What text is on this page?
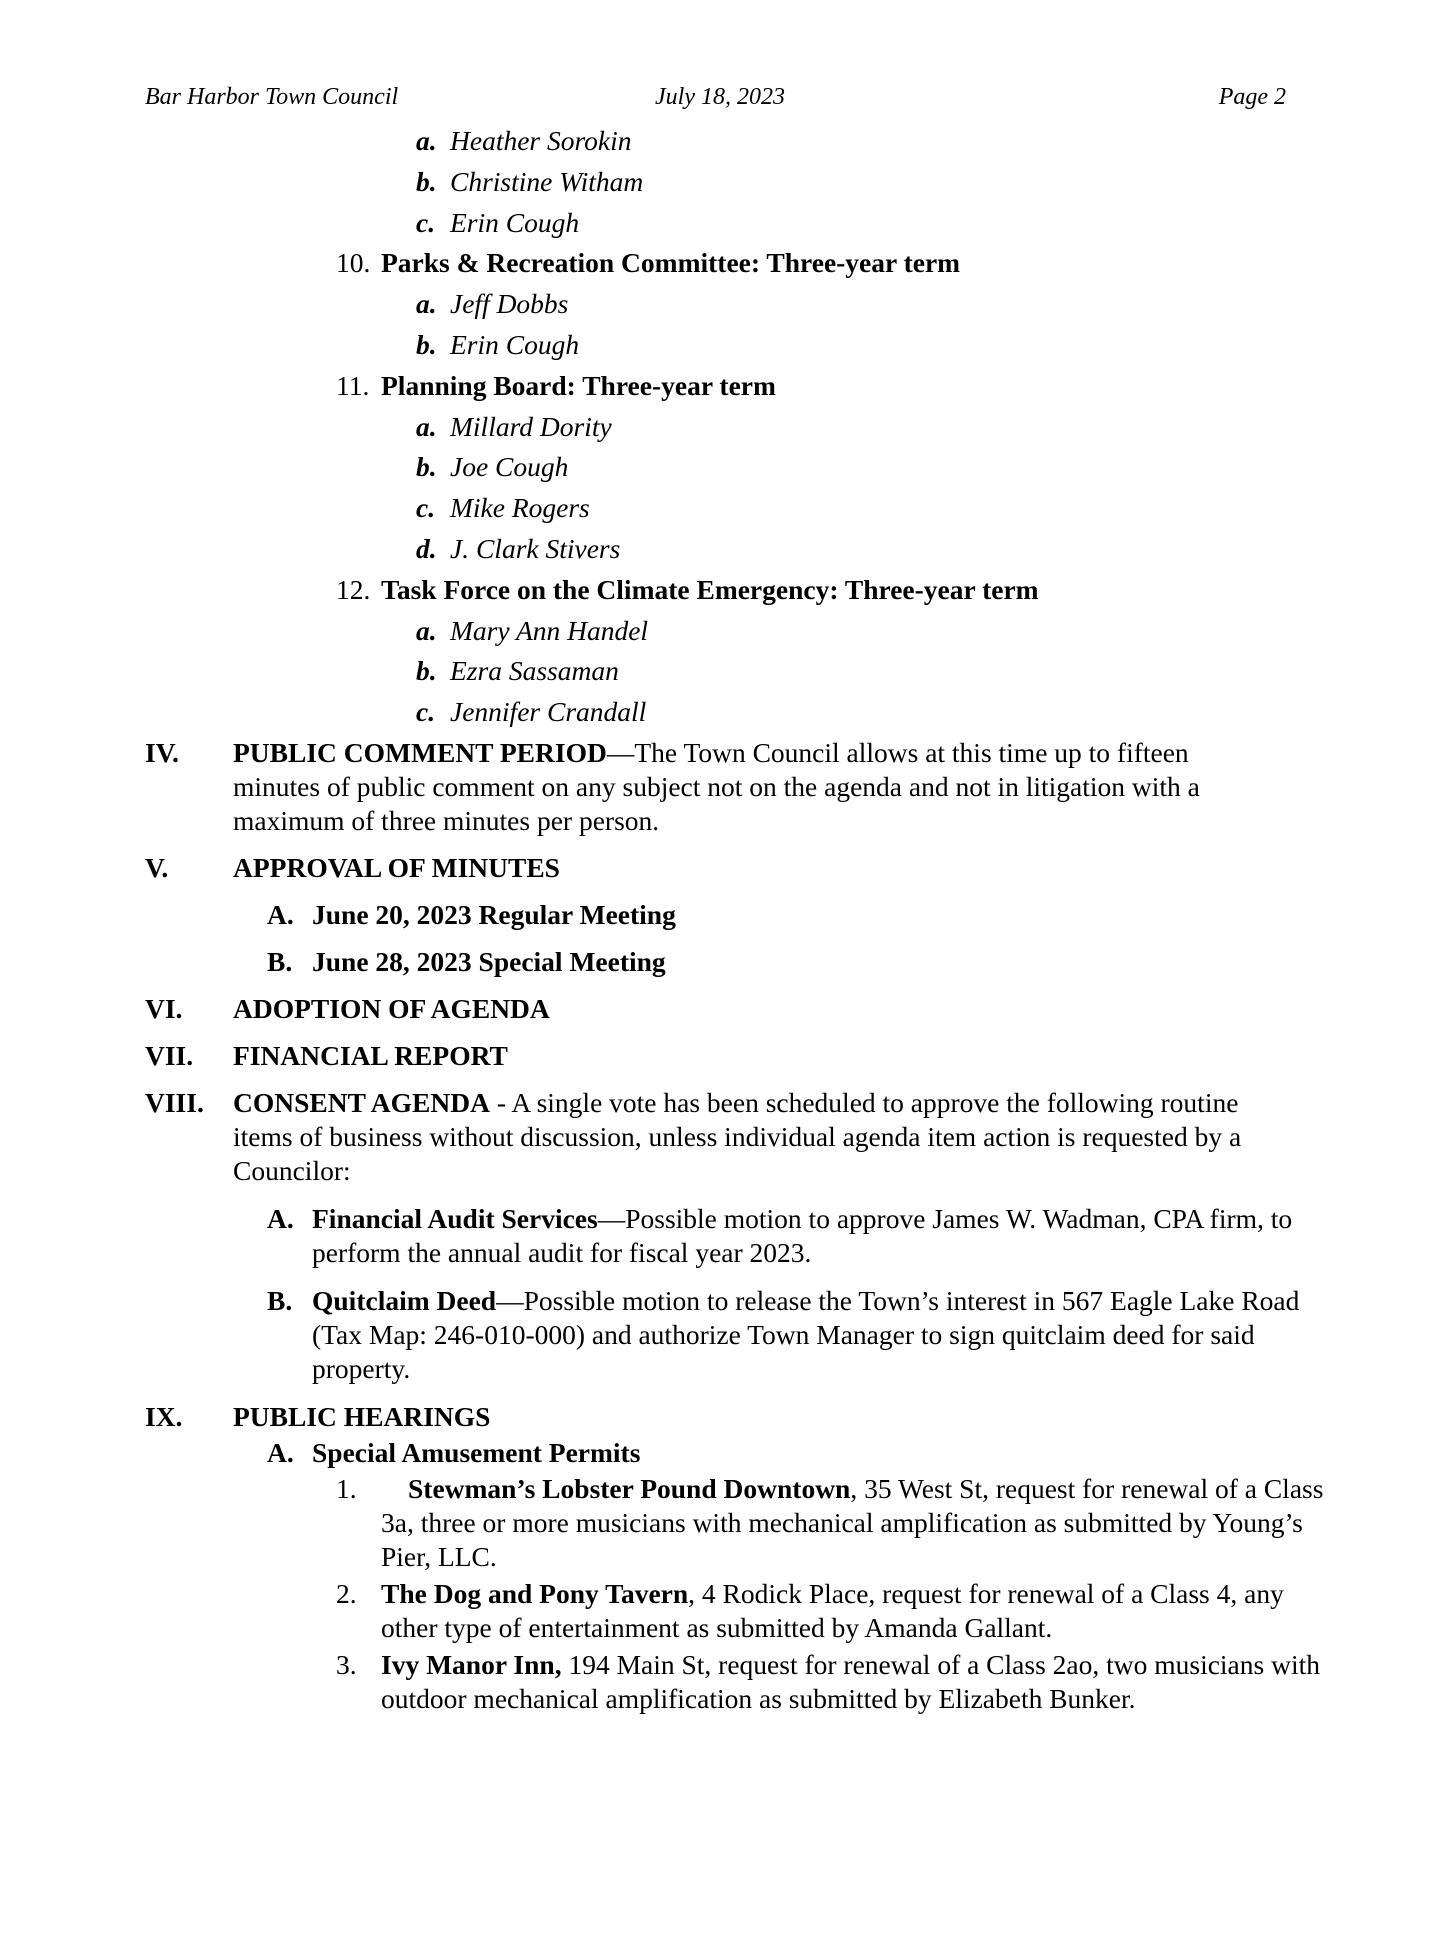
Bar Harbor Town Council	July 18, 2023	Page 2
a. Heather Sorokin
b. Christine Witham
c. Erin Cough
10. Parks & Recreation Committee: Three-year term
a. Jeff Dobbs
b. Erin Cough
11. Planning Board: Three-year term
a. Millard Dority
b. Joe Cough
c. Mike Rogers
d. J. Clark Stivers
12. Task Force on the Climate Emergency: Three-year term
a. Mary Ann Handel
b. Ezra Sassaman
c. Jennifer Crandall
IV. PUBLIC COMMENT PERIOD—The Town Council allows at this time up to fifteen minutes of public comment on any subject not on the agenda and not in litigation with a maximum of three minutes per person.
V. APPROVAL OF MINUTES
A. June 20, 2023 Regular Meeting
B. June 28, 2023 Special Meeting
VI. ADOPTION OF AGENDA
VII. FINANCIAL REPORT
VIII. CONSENT AGENDA - A single vote has been scheduled to approve the following routine items of business without discussion, unless individual agenda item action is requested by a Councilor:
A. Financial Audit Services—Possible motion to approve James W. Wadman, CPA firm, to perform the annual audit for fiscal year 2023.
B. Quitclaim Deed—Possible motion to release the Town’s interest in 567 Eagle Lake Road (Tax Map: 246-010-000) and authorize Town Manager to sign quitclaim deed for said property.
IX. PUBLIC HEARINGS
A. Special Amusement Permits
1.	Stewman’s Lobster Pound Downtown, 35 West St, request for renewal of a Class 3a, three or more musicians with mechanical amplification as submitted by Young’s Pier, LLC.
2. The Dog and Pony Tavern, 4 Rodick Place, request for renewal of a Class 4, any other type of entertainment as submitted by Amanda Gallant.
3. Ivy Manor Inn, 194 Main St, request for renewal of a Class 2ao, two musicians with outdoor mechanical amplification as submitted by Elizabeth Bunker.
